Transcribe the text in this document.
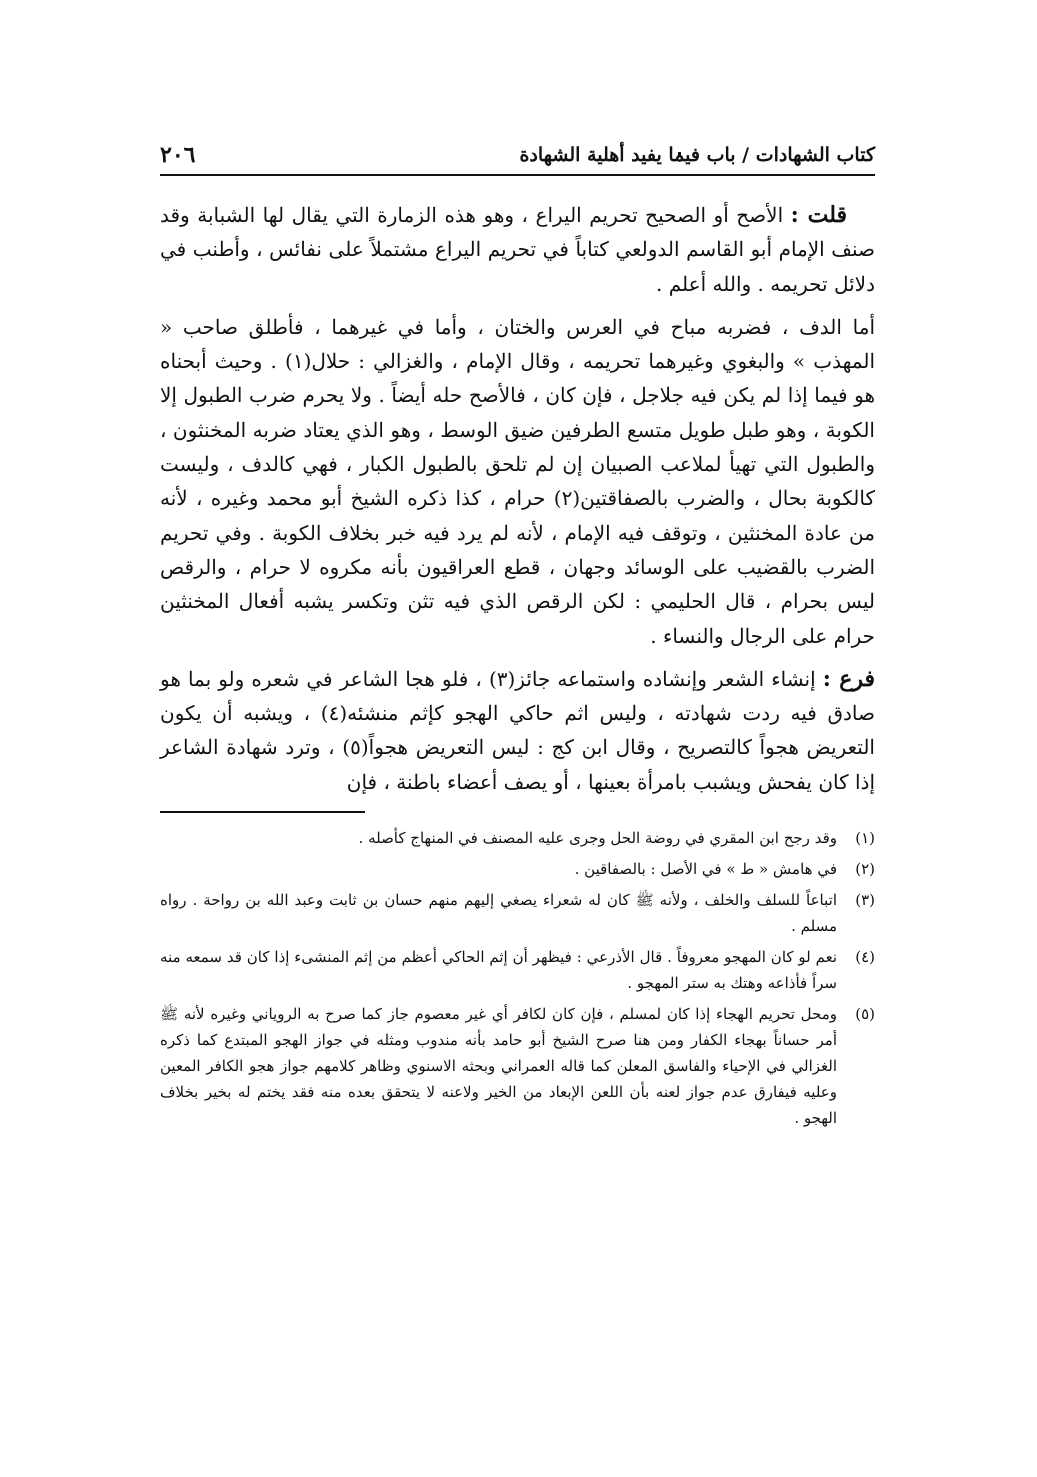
كتاب الشهادات / باب فيما يفيد أهلية الشهادة
٢٠٦

قلت : الأصح أو الصحيح تحريم اليراع ، وهو هذه الزمارة التي يقال لها الشبابة وقد صنف الإمام أبو القاسم الدولعي كتاباً في تحريم اليراع مشتملاً على نفائس ، وأطنب في دلائل تحريمه . والله أعلم .

أما الدف ، فضربه مباح في العرس والختان ، وأما في غيرهما ، فأطلق صاحب « المهذب » والبغوي وغيرهما تحريمه ، وقال الإمام ، والغزالي : حلال(١) . وحيث أبحناه هو فيما إذا لم يكن فيه جلاجل ، فإن كان ، فالأصح حله أيضاً . ولا يحرم ضرب الطبول إلا الكوبة ، وهو طبل طويل متسع الطرفين ضيق الوسط ، وهو الذي يعتاد ضربه المخنثون ، والطبول التي تهيأ لملاعب الصبيان إن لم تلحق بالطبول الكبار ، فهي كالدف ، وليست كالكوبة بحال ، والضرب بالصفاقتين(٢) حرام ، كذا ذكره الشيخ أبو محمد وغيره ، لأنه من عادة المخنثين ، وتوقف فيه الإمام ، لأنه لم يرد فيه خبر بخلاف الكوبة . وفي تحريم الضرب بالقضيب على الوسائد وجهان ، قطع العراقيون بأنه مكروه لا حرام ، والرقص ليس بحرام ، قال الحليمي : لكن الرقص الذي فيه تثن وتكسر يشبه أفعال المخنثين حرام على الرجال والنساء .

فرع : إنشاء الشعر وإنشاده واستماعه جائز(٣) ، فلو هجا الشاعر في شعره ولو بما هو صادق فيه ردت شهادته ، وليس اثم حاكي الهجو كإثم منشئه(٤) ، ويشبه أن يكون التعريض هجواً كالتصريح ، وقال ابن كج : ليس التعريض هجواً(٥) ، وترد شهادة الشاعر إذا كان يفحش ويشبب بامرأة بعينها ، أو يصف أعضاء باطنة ، فإن

(١)
وقد رجح ابن المقري في روضة الحل وجرى عليه المصنف في المنهاج كأصله .
(٢)
في هامش « ط » في الأصل : بالصفاقين .
(٣)
اتباعاً للسلف والخلف ، ولأنه ﷺ كان له شعراء يصغي إليهم منهم حسان بن ثابت وعبد الله بن رواحة . رواه مسلم .
(٤)
نعم لو كان المهجو معروفاً . قال الأذرعي : فيظهر أن إثم الحاكي أعظم من إثم المنشىء إذا كان قد سمعه منه سراً فأذاعه وهتك به ستر المهجو .
(٥)
ومحل تحريم الهجاء إذا كان لمسلم ، فإن كان لكافر أي غير معصوم جاز كما صرح به الروياني وغيره لأنه ﷺ أمر حساناً بهجاء الكفار ومن هنا صرح الشيخ أبو حامد بأنه مندوب ومثله في جواز الهجو المبتدع كما ذكره الغزالي في الإحياء والفاسق المعلن كما قاله العمراني وبحثه الاسنوي وظاهر كلامهم جواز هجو الكافر المعين وعليه فيفارق عدم جواز لعنه بأن اللعن الإبعاد من الخير ولاعنه لا يتحقق بعده منه فقد يختم له بخير بخلاف الهجو .
